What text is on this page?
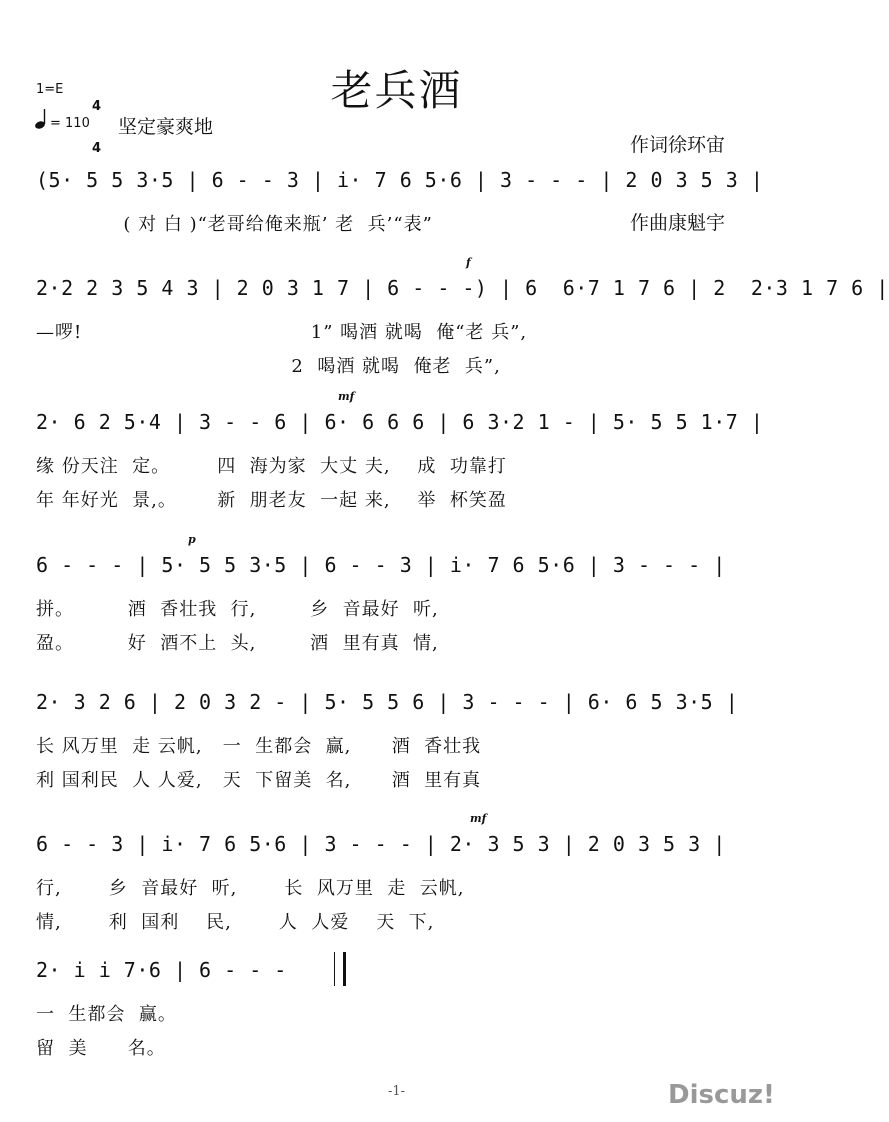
老兵酒
1=E

4

4

= 110 坚定豪爽地

作词徐环宙

作曲康魁宇

(5· 5 5 3·5 | 6 - - 3 | i· 7 6 5·6 | 3 - - - | 2 0 3 5 3 |
( 对 白 )“老哥给俺来瓶’ 老  兵’“表”
f
2·2 2 3 5 4 3 | 2 0 3 1 7 | 6 - - -) | 6  6·7 1 7 6 | 2  2·3 1 7 6 |
—啰!                                  1” 喝酒 就喝  俺“老 兵”,
2  喝酒 就喝  俺老  兵”,
mf
2· 6 2 5·4 | 3 - - 6 | 6· 6 6 6 | 6 3·2 1 - | 5· 5 5 1·7 |
缘 份天注  定。       四  海为家  大丈 夫,    成  功靠打
年 年好光  景,。      新  朋老友  一起 来,    举  杯笑盈
p
6 - - - | 5· 5 5 3·5 | 6 - - 3 | i· 7 6 5·6 | 3 - - - |
拼。        酒  香壮我  行,        乡  音最好  听,
盈。        好  酒不上  头,        酒  里有真  情,
2· 3 2 6 | 2 0 3 2 - | 5· 5 5 6 | 3 - - - | 6· 6 5 3·5 |
长 风万里  走 云帆,   一  生都会  赢,      酒  香壮我
利 国利民  人 人爱,   天  下留美  名,      酒  里有真
mf
6 - - 3 | i· 7 6 5·6 | 3 - - - | 2· 3 5 3 | 2 0 3 5 3 |
行,       乡  音最好  听,       长  风万里  走  云帆,
情,       利  国利    民,       人  人爱    天  下,
2· i i 7·6 | 6 - - -
一  生都会  赢。
留  美      名。
-1-	Discuz!
